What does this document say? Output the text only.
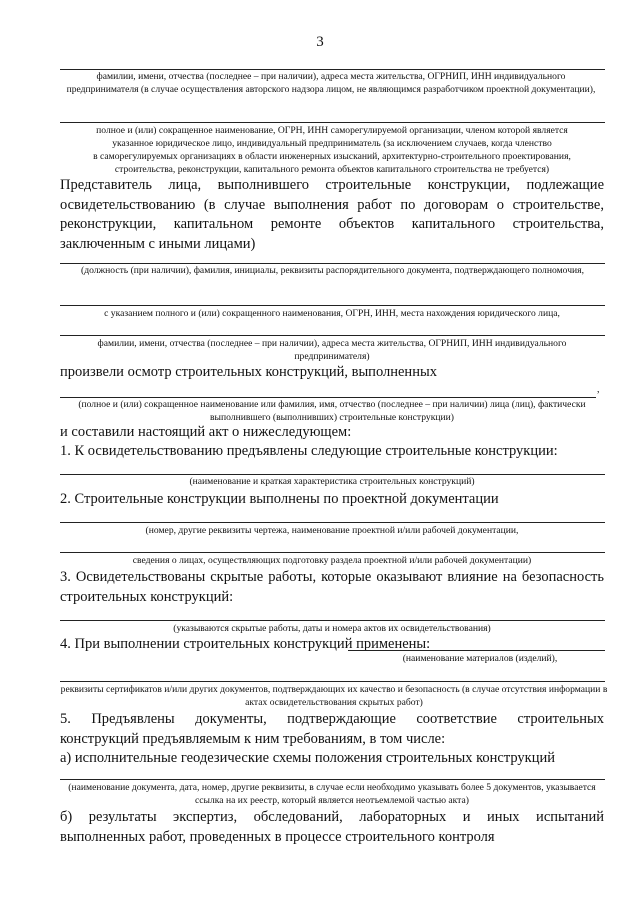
3
фамилии, имени, отчества (последнее – при наличии), адреса места жительства, ОГРНИП, ИНН индивидуального предпринимателя (в случае осуществления авторского надзора лицом, не являющимся разработчиком проектной документации),
полное и (или) сокращенное наименование, ОГРН, ИНН саморегулируемой организации, членом которой является
указанное юридическое лицо, индивидуальный предприниматель (за исключением случаев, когда членство
в саморегулируемых организациях в области инженерных изысканий, архитектурно-строительного проектирования,
строительства, реконструкции, капитального ремонта объектов капитального строительства не требуется)
Представитель лица, выполнившего строительные конструкции, подлежащие
освидетельствованию (в случае выполнения работ по договорам о строительстве,
реконструкции, капитальном ремонте объектов капитального строительства,
заключенным с иными лицами)
(должность (при наличии), фамилия, инициалы, реквизиты распорядительного документа, подтверждающего полномочия,
с указанием полного и (или) сокращенного наименования, ОГРН, ИНН, места нахождения юридического лица,
фамилии, имени, отчества (последнее – при наличии), адреса места жительства, ОГРНИП, ИНН индивидуального предпринимателя)
произвели осмотр строительных конструкций, выполненных
,
(полное и (или) сокращенное наименование или фамилия, имя, отчество (последнее – при наличии) лица (лиц), фактически выполнившего (выполнивших) строительные конструкции)
и составили настоящий акт о нижеследующем:
1. К освидетельствованию предъявлены следующие строительные конструкции:
(наименование и краткая характеристика строительных конструкций)
2. Строительные конструкции выполнены по проектной документации
(номер, другие реквизиты чертежа, наименование проектной и/или рабочей документации,
сведения о лицах, осуществляющих подготовку раздела проектной и/или рабочей документации)
3. Освидетельствованы скрытые работы, которые оказывают влияние на безопасность
строительных конструкций:
(указываются скрытые работы, даты и номера актов их освидетельствования)
4. При выполнении строительных конструкций применены:
(наименование материалов (изделий),
реквизиты сертификатов и/или других документов, подтверждающих их качество и безопасность (в случае отсутствия информации в актах освидетельствования скрытых работ)
5. Предъявлены документы, подтверждающие соответствие строительных
конструкций предъявляемым к ним требованиям, в том числе:
а) исполнительные геодезические схемы положения строительных конструкций
(наименование документа, дата, номер, другие реквизиты, в случае если необходимо указывать более 5 документов, указывается ссылка на их реестр, который является неотъемлемой частью акта)
б) результаты экспертиз, обследований, лабораторных и иных испытаний
выполненных работ, проведенных в процессе строительного контроля
